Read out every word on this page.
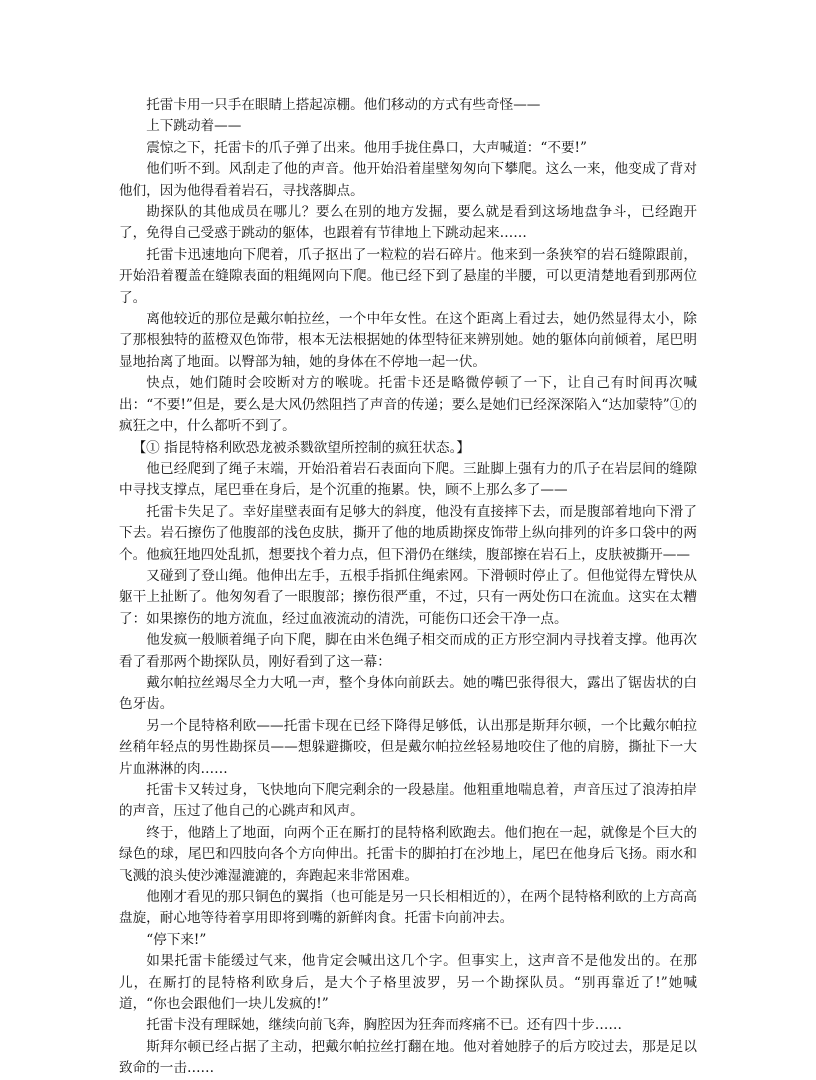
托雷卡用一只手在眼睛上搭起凉棚。他们移动的方式有些奇怪——

上下跳动着——

震惊之下，托雷卡的爪子弹了出来。他用手拢住鼻口，大声喊道：“不要!”

他们听不到。风刮走了他的声音。他开始沿着崖壁匆匆向下攀爬。这么一来，他变成了背对他们，因为他得看着岩石，寻找落脚点。

勘探队的其他成员在哪儿？要么在别的地方发掘，要么就是看到这场地盘争斗，已经跑开了，免得自己受惑于跳动的躯体，也跟着有节律地上下跳动起来……

托雷卡迅速地向下爬着，爪子抠出了一粒粒的岩石碎片。他来到一条狭窄的岩石缝隙跟前，开始沿着覆盖在缝隙表面的粗绳网向下爬。他已经下到了悬崖的半腰，可以更清楚地看到那两位了。

离他较近的那位是戴尔帕拉丝，一个中年女性。在这个距离上看过去，她仍然显得太小，除了那根独特的蓝橙双色饰带，根本无法根据她的体型特征来辨别她。她的躯体向前倾着，尾巴明显地抬离了地面。以臀部为轴，她的身体在不停地一起一伏。

快点，她们随时会咬断对方的喉咙。托雷卡还是略微停顿了一下，让自己有时间再次喊出：“不要!”但是，要么是大风仍然阻挡了声音的传递；要么是她们已经深深陷入“达加蒙特”①的疯狂之中，什么都听不到了。

【① 指昆特格利欧恐龙被杀戮欲望所控制的疯狂状态。】

他已经爬到了绳子末端，开始沿着岩石表面向下爬。三趾脚上强有力的爪子在岩层间的缝隙中寻找支撑点，尾巴垂在身后，是个沉重的拖累。快，顾不上那么多了——

托雷卡失足了。幸好崖壁表面有足够大的斜度，他没有直接摔下去，而是腹部着地向下滑了下去。岩石擦伤了他腹部的浅色皮肤，撕开了他的地质勘探皮饰带上纵向排列的许多口袋中的两个。他疯狂地四处乱抓，想要找个着力点，但下滑仍在继续，腹部擦在岩石上，皮肤被撕开——

又碰到了登山绳。他伸出左手，五根手指抓住绳索网。下滑顿时停止了。但他觉得左臂快从躯干上扯断了。他匆匆看了一眼腹部；擦伤很严重，不过，只有一两处伤口在流血。这实在太糟了：如果擦伤的地方流血，经过血液流动的清洗，可能伤口还会干净一点。

他发疯一般顺着绳子向下爬，脚在由米色绳子相交而成的正方形空洞内寻找着支撑。他再次看了看那两个勘探队员，刚好看到了这一幕：

戴尔帕拉丝竭尽全力大吼一声，整个身体向前跃去。她的嘴巴张得很大，露出了锯齿状的白色牙齿。

另一个昆特格利欧——托雷卡现在已经下降得足够低，认出那是斯拜尔顿，一个比戴尔帕拉丝稍年轻点的男性勘探员——想躲避撕咬，但是戴尔帕拉丝轻易地咬住了他的肩膀，撕扯下一大片血淋淋的肉……

托雷卡又转过身，飞快地向下爬完剩余的一段悬崖。他粗重地喘息着，声音压过了浪涛拍岸的声音，压过了他自己的心跳声和风声。

终于，他踏上了地面，向两个正在厮打的昆特格利欧跑去。他们抱在一起，就像是个巨大的绿色的球，尾巴和四肢向各个方向伸出。托雷卡的脚拍打在沙地上，尾巴在他身后飞扬。雨水和飞溅的浪头使沙滩湿漉漉的，奔跑起来非常困难。

他刚才看见的那只铜色的翼指（也可能是另一只长相相近的），在两个昆特格利欧的上方高高盘旋，耐心地等待着享用即将到嘴的新鲜肉食。托雷卡向前冲去。

“停下来!”

如果托雷卡能缓过气来，他肯定会喊出这几个字。但事实上，这声音不是他发出的。在那儿，在厮打的昆特格利欧身后，是大个子格里波罗，另一个勘探队员。“别再靠近了!”她喊道，“你也会跟他们一块儿发疯的!”

托雷卡没有理睬她，继续向前飞奔，胸腔因为狂奔而疼痛不已。还有四十步……

斯拜尔顿已经占据了主动，把戴尔帕拉丝打翻在地。他对着她脖子的后方咬过去，那是足以致命的一击……
